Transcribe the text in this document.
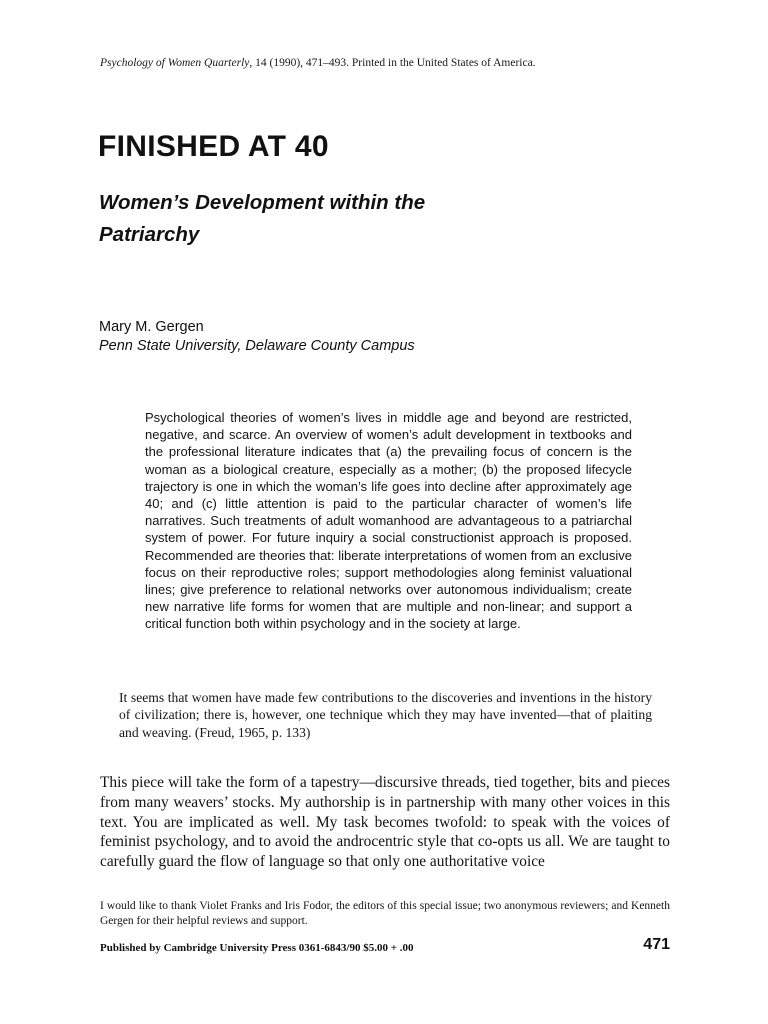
Psychology of Women Quarterly, 14 (1990), 471–493. Printed in the United States of America.
FINISHED AT 40
Women’s Development within the Patriarchy
Mary M. Gergen
Penn State University, Delaware County Campus

Psychological theories of women’s lives in middle age and beyond are restricted, negative, and scarce. An overview of women’s adult development in textbooks and the professional literature indicates that (a) the prevailing focus of concern is the woman as a biological creature, especially as a mother; (b) the proposed lifecycle trajectory is one in which the woman’s life goes into decline after approximately age 40; and (c) little attention is paid to the particular character of women’s life narratives. Such treatments of adult womanhood are advantageous to a patriarchal system of power. For future inquiry a social constructionist approach is proposed. Recommended are theories that: liberate interpretations of women from an exclusive focus on their reproductive roles; support methodologies along feminist valuational lines; give preference to relational networks over autonomous individualism; create new narrative life forms for women that are multiple and non-linear; and support a critical function both within psychology and in the society at large.

It seems that women have made few contributions to the discoveries and inventions in the history of civilization; there is, however, one technique which they may have invented—that of plaiting and weaving. (Freud, 1965, p. 133)

This piece will take the form of a tapestry—discursive threads, tied together, bits and pieces from many weavers’ stocks. My authorship is in partnership with many other voices in this text. You are implicated as well. My task becomes twofold: to speak with the voices of feminist psychology, and to avoid the androcentric style that co-opts us all. We are taught to carefully guard the flow of language so that only one authoritative voice

I would like to thank Violet Franks and Iris Fodor, the editors of this special issue; two anonymous reviewers; and Kenneth Gergen for their helpful reviews and support.

Published by Cambridge University Press 0361-6843/90 $5.00 + .00	471
